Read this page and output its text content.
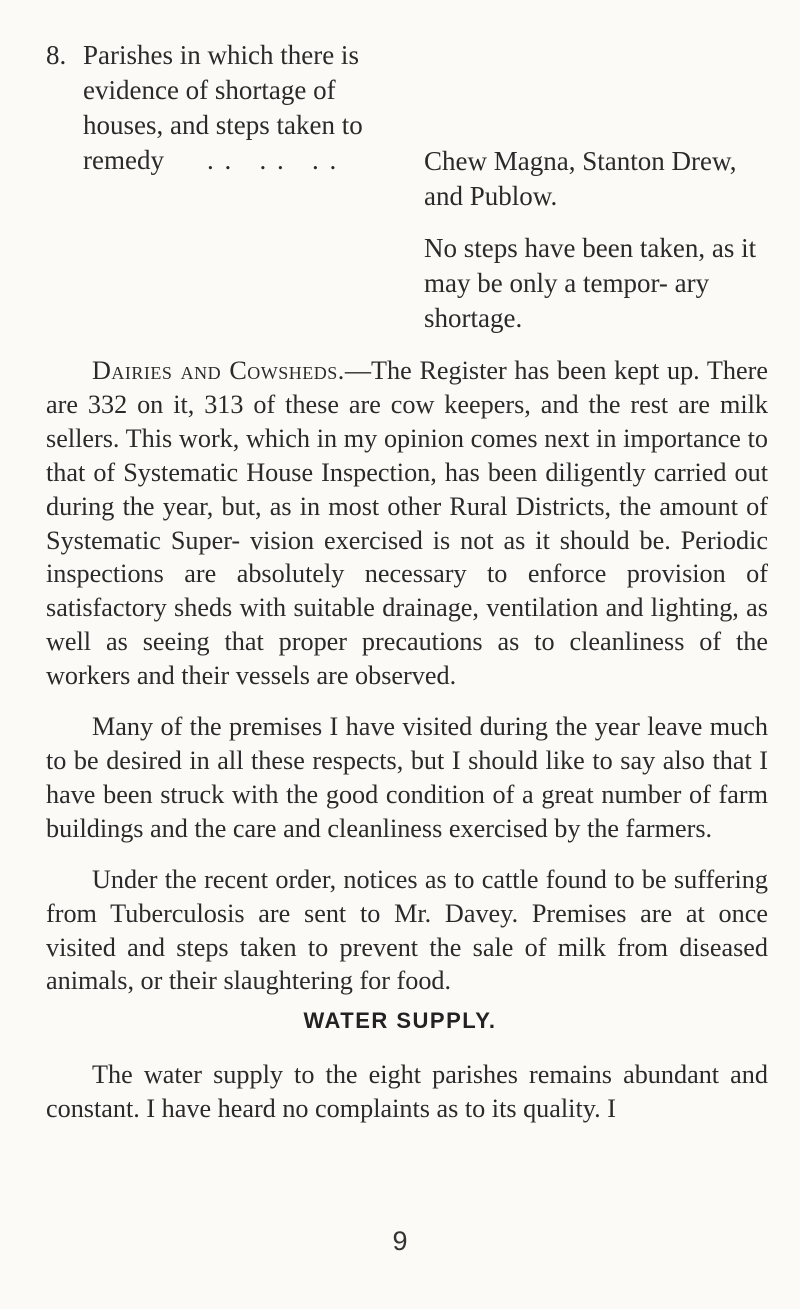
8. Parishes in which there is
evidence of shortage of
houses, and steps taken to
remedy . .   . .   . .	Chew Magna, Stanton Drew,

and Publow.

No steps have been taken, as it may be only a tempor- ary shortage.

Dairies and Cowsheds.—The Register has been kept up. There are 332 on it, 313 of these are cow keepers, and the rest are milk sellers. This work, which in my opinion comes next in importance to that of Systematic House Inspection, has been diligently carried out during the year, but, as in most other Rural Districts, the amount of Systematic Super- vision exercised is not as it should be. Periodic inspections are absolutely necessary to enforce provision of satisfactory sheds with suitable drainage, ventilation and lighting, as well as seeing that proper precautions as to cleanliness of the workers and their vessels are observed.

Many of the premises I have visited during the year leave much to be desired in all these respects, but I should like to say also that I have been struck with the good condition of a great number of farm buildings and the care and cleanliness exercised by the farmers.

Under the recent order, notices as to cattle found to be suffering from Tuberculosis are sent to Mr. Davey. Premises are at once visited and steps taken to prevent the sale of milk from diseased animals, or their slaughtering for food.

WATER SUPPLY.

The water supply to the eight parishes remains abundant and constant. I have heard no complaints as to its quality. I

9
